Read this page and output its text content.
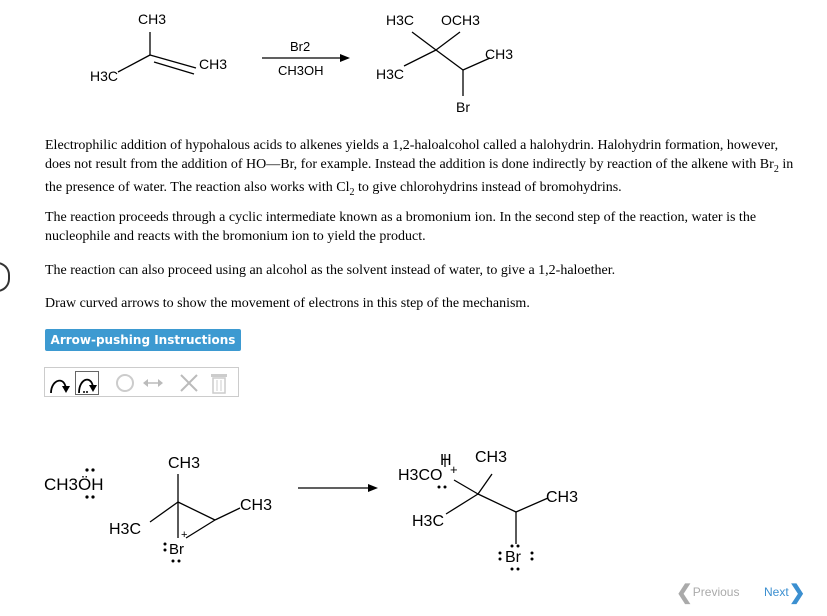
CH3
CH3
H3C
Br2
CH3OH
H3C OCH3
CH3
H3C
Br
Electrophilic addition of hypohalous acids to alkenes yields a 1,2-haloalcohol called a halohydrin. Halohydrin formation, however, does not result from the addition of HO—Br, for example. Instead the addition is done indirectly by reaction of the alkene with $Br_2$ in the presence of water. The reaction also works with $Cl_2$ to give chlorohydrins instead of bromohydrins.
The reaction proceeds through a cyclic intermediate known as a bromonium ion. In the second step of the reaction, water is the nucleophile and reacts with the bromonium ion to yield the product.
The reaction can also proceed using an alcohol as the solvent instead of water, to give a 1,2-haloether.
Draw curved arrows to show the movement of electrons in this step of the mechanism.
Arrow-pushing Instructions
CH3ÖH
CH3
CH3
H3C
Br
+
H CH3
H3CO +
CH3
H3C
Br
❮Previous Next❯
